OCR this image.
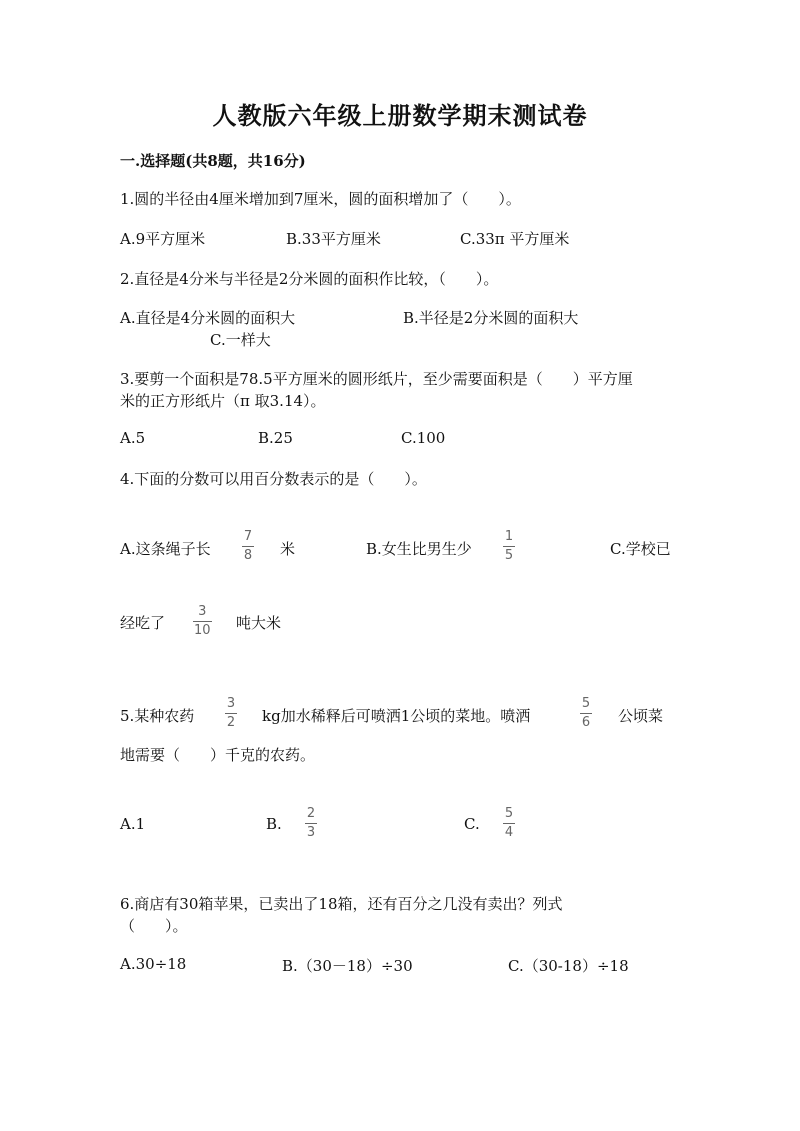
人教版六年级上册数学期末测试卷
一.选择题(共8题，共16分)
1.圆的半径由4厘米增加到7厘米，圆的面积增加了（　　）。
A.9平方厘米	B.33平方厘米	C.33π 平方厘米
2.直径是4分米与半径是2分米圆的面积作比较，（　　）。
A.直径是4分米圆的面积大	B.半径是2分米圆的面积大
C.一样大
3.要剪一个面积是78.5平方厘米的圆形纸片，至少需要面积是（　　）平方厘
米的正方形纸片（π 取3.14）。
A.5	B.25	C.100
4.下面的分数可以用百分数表示的是（　　）。
A.这条绳子长
7
8 米	B.女生比男生少
1
5	C.学校已
经吃了
3
10 吨大米
5.某种农药
3
2 kg加水稀释后可喷洒1公顷的菜地。喷洒
5
6 公顷菜
地需要（　　）千克的农药。
A.1	B.
2
3	C.
5
4
6.商店有30箱苹果，已卖出了18箱，还有百分之几没有卖出？列式
（　　）。
A.30÷18	B.（30－18）÷30	C.（30-18）÷18
